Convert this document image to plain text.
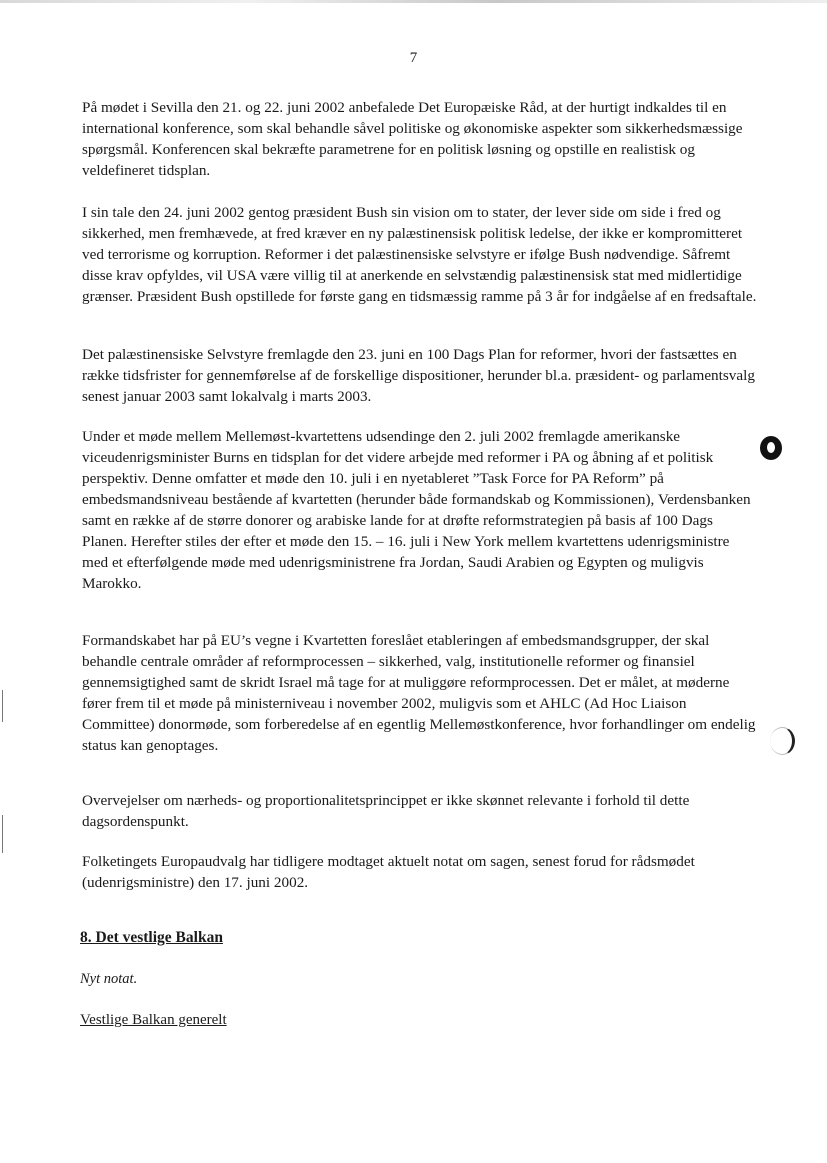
7

På mødet i Sevilla den 21. og 22. juni 2002 anbefalede Det Europæiske Råd, at der hurtigt indkaldes til en international konference, som skal behandle såvel politiske og økonomiske aspekter som sikkerhedsmæssige spørgsmål. Konferencen skal bekræfte parametrene for en politisk løsning og opstille en realistisk og veldefineret tidsplan.

I sin tale den 24. juni 2002 gentog præsident Bush sin vision om to stater, der lever side om side i fred og sikkerhed, men fremhævede, at fred kræver en ny palæstinensisk politisk ledelse, der ikke er kompromitteret ved terrorisme og korruption. Reformer i det palæstinensiske selvstyre er ifølge Bush nødvendige. Såfremt disse krav opfyldes, vil USA være villig til at anerkende en selvstændig palæstinensisk stat med midlertidige grænser. Præsident Bush opstillede for første gang en tidsmæssig ramme på 3 år for indgåelse af en fredsaftale.

Det palæstinensiske Selvstyre fremlagde den 23. juni en 100 Dags Plan for reformer, hvori der fastsættes en række tidsfrister for gennemførelse af de forskellige dispositioner, herunder bl.a. præsident- og parlamentsvalg senest januar 2003 samt lokalvalg i marts 2003.

Under et møde mellem Mellemøst-kvartettens udsendinge den 2. juli 2002 fremlagde amerikanske viceudenrigsminister Burns en tidsplan for det videre arbejde med reformer i PA og åbning af et politisk perspektiv. Denne omfatter et møde den 10. juli i en nyetableret ”Task Force for PA Reform” på embedsmandsniveau bestående af kvartetten (herunder både formandskab og Kommissionen), Verdensbanken samt en række af de større donorer og arabiske lande for at drøfte reformstrategien på basis af 100 Dags Planen. Herefter stiles der efter et møde den 15. – 16. juli i New York mellem kvartettens udenrigsministre med et efterfølgende møde med udenrigsministrene fra Jordan, Saudi Arabien og Egypten og muligvis Marokko.

Formandskabet har på EU’s vegne i Kvartetten foreslået etableringen af embedsmandsgrupper, der skal behandle centrale områder af reformprocessen – sikkerhed, valg, institutionelle reformer og finansiel gennemsigtighed samt de skridt Israel må tage for at muliggøre reformprocessen. Det er målet, at møderne fører frem til et møde på ministerniveau i november 2002, muligvis som et AHLC (Ad Hoc Liaison Committee) donormøde, som forberedelse af en egentlig Mellemøstkonference, hvor forhandlinger om endelig status kan genoptages.

Overvejelser om nærheds- og proportionalitetsprincippet er ikke skønnet relevante i forhold til dette dagsordenspunkt.

Folketingets Europaudvalg har tidligere modtaget aktuelt notat om sagen, senest forud for rådsmødet (udenrigsministre) den 17. juni 2002.

8. Det vestlige Balkan
Nyt notat.
Vestlige Balkan generelt
